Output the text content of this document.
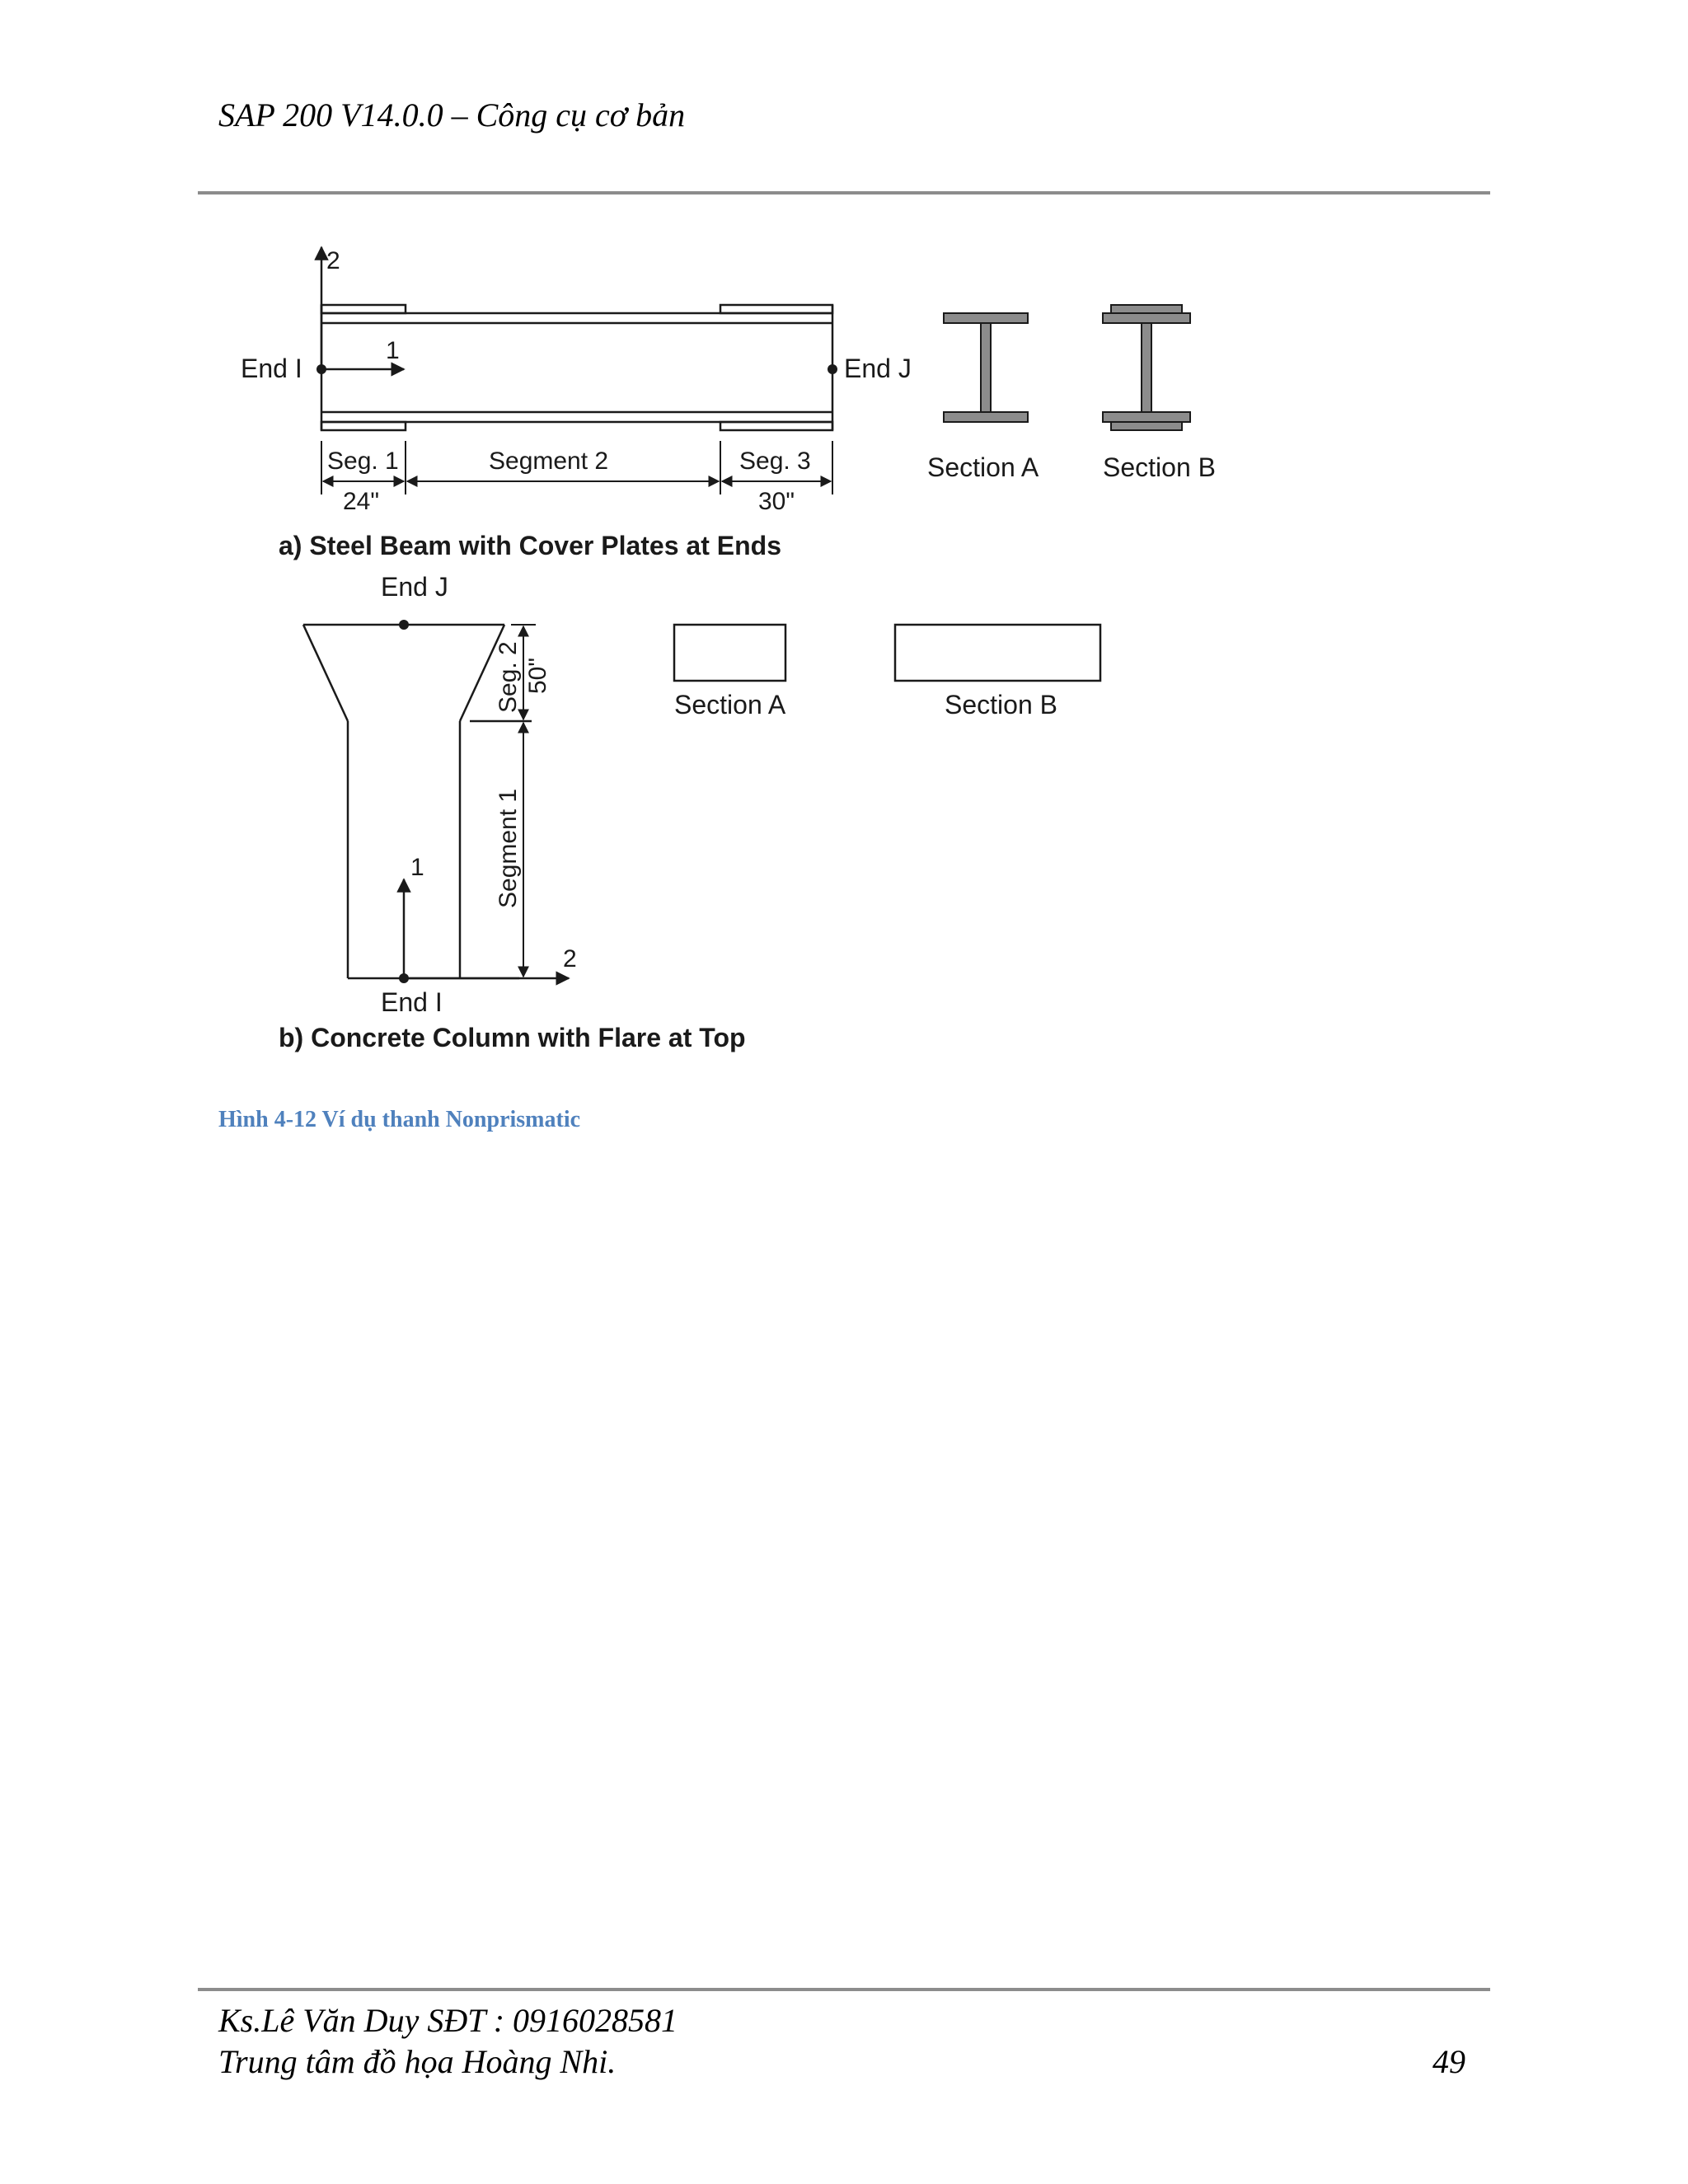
SAP 200 V14.0.0 – Công cụ cơ bản
2
1
End I	End J
Seg. 1	Segment 2	Seg. 3
24"	30"
Section A Section B
a) Steel Beam with Cover Plates at Ends
End J
1
2
End I
Seg. 2 50"
Segment 1
Section A	Section B
b) Concrete Column with Flare at Top
Hình 4-12 Ví dụ thanh Nonprismatic
Ks.Lê Văn Duy SĐT : 0916028581
Trung tâm đồ họa Hoàng Nhi.	49
